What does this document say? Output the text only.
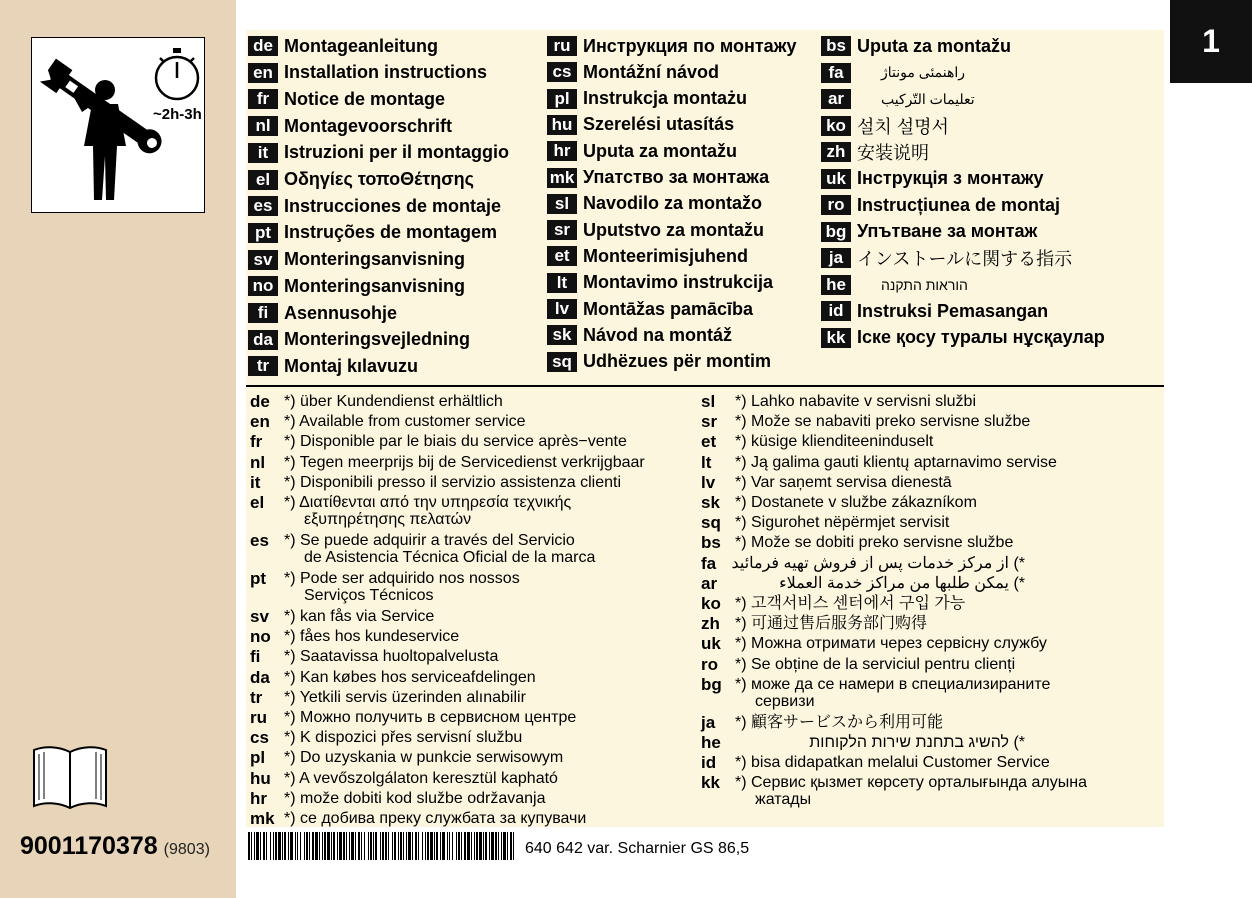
~2h-3h
9001170378 (9803)
1
de Montageanleitung
en Installation instructions
fr Notice de montage
nl Montagevoorschrift
it Istruzioni per il montaggio
el Οδηγίες τοποΘέτησης
es Instrucciones de montaje
pt Instruções de montagem
sv Monteringsanvisning
no Monteringsanvisning
fi Asennusohje
da Monteringsvejledning
tr Montaj kılavuzu
ru Инструкция по монтажу
cs Montážní návod
pl Instrukcja montażu
hu Szerelési utasítás
hr Uputa za montažu
mk Упатство за монтажа
sl Navodilo za montažo
sr Uputstvo za montažu
et Monteerimisjuhend
lt Montavimo instrukcija
lv Montāžas pamācība
sk Návod na montáž
sq Udhëzues për montim
bs Uputa za montažu
fa	راهنمئی مونتاژ
ar	تعليمات التّركيب
ko 설치 설명서
zh 安装说明
uk Інструкція з монтажу
ro Instrucțiunea de montaj
bg Упътване за монтаж
ja インストールに関する指示
he	הוראות התקנה
id Instruksi Pemasangan
kk Іске қосу туралы нұсқаулар
de *) über Kundendienst erhältlich
en *) Available from customer service
fr *) Disponible par le biais du service après−vente
nl *) Tegen meerprijs bij de Servicedienst verkrijgbaar
it *) Disponibili presso il servizio assistenza clienti
el *) Διατίθενται από την υπηρεσία τεχνικής
εξυπηρέτησης πελατών
es *) Se puede adquirir a través del Servicio
de Asistencia Técnica Oficial de la marca
pt *) Pode ser adquirido nos nossos
Serviços Técnicos
sv *) kan fås via Service
no *) fåes hos kundeservice
fi *) Saatavissa huoltopalvelusta
da *) Kan købes hos serviceafdelingen
tr *) Yetkili servis üzerinden alınabilir
ru *) Можно получить в сервисном центре
cs *) K dispozici přes servisní službu
pl *) Do uzyskania w punkcie serwisowym
hu *) A vevőszolgálaton keresztül kapható
hr *) može dobiti kod službe održavanja
mk *) се добива преку службата за купувачи
sl *) Lahko nabavite v servisni službi
sr *) Može se nabaviti preko servisne službe
et *) küsige klienditeeninduselt
lt *) Ją galima gauti klientų aptarnavimo servise
lv *) Var saņemt servisa dienestā
sk *) Dostanete v službe zákazníkom
sq *) Sigurohet nëpërmjet servisit
bs *) Može se dobiti preko servisne službe
fa *) از مرکز خدمات پس از فروش تهیه فرمائید
ar	*) يمكن طلبها من مراكز خدمة العملاء
ko *) 고객서비스 센터에서 구입 가능
zh *) 可通过售后服务部门购得
uk *) Можна отримати через сервісну службу
ro *) Se obține de la serviciul pentru clienți
bg *) може да се намери в специализираните
сервизи
ja *) 顧客サービスから利用可能
he	*) להשיג בתחנת שירות הלקוחות
id *) bisa didapatkan melalui Customer Service
kk *) Сервис қызмет көрсету орталығында алуына
жатады
640 642 var. Scharnier GS 86,5
